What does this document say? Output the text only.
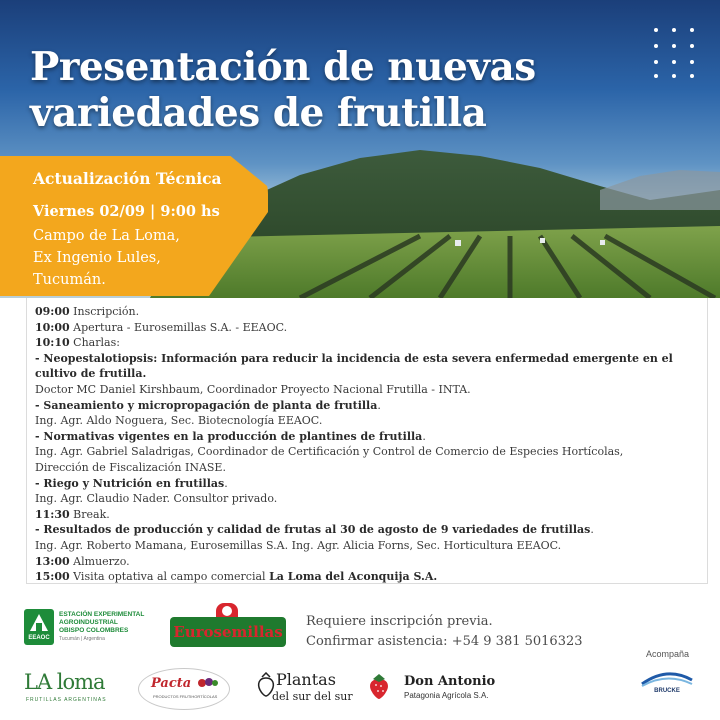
Presentación de nuevas
variedades de frutilla
Actualización Técnica
Viernes 02/09 | 9:00 hs
Campo de La Loma,
Ex Ingenio Lules,
Tucumán.
09:00 Inscripción.
10:00 Apertura - Eurosemillas S.A. - EEAOC.
10:10 Charlas:
- Neopestalotiopsis: Información para reducir la incidencia de esta severa enfermedad emergente en el cultivo de frutilla.
Doctor MC Daniel Kirshbaum, Coordinador Proyecto Nacional Frutilla - INTA.
- Saneamiento y micropropagación de planta de frutilla.
Ing. Agr. Aldo Noguera, Sec. Biotecnología EEAOC.
- Normativas vigentes en la producción de plantines de frutilla.
Ing. Agr. Gabriel Saladrigas, Coordinador de Certificación y Control de Comercio de Especies Hortícolas,
Dirección de Fiscalización INASE.
- Riego y Nutrición en frutillas.
Ing. Agr. Claudio Nader. Consultor privado.
11:30 Break.
- Resultados de producción y calidad de frutas al 30 de agosto de 9 variedades de frutillas.
Ing. Agr. Roberto Mamana, Eurosemillas S.A. Ing. Agr. Alicia Forns, Sec. Horticultura EEAOC.
13:00 Almuerzo.
15:00 Visita optativa al campo comercial La Loma del Aconquija S.A.
EEAOC
ESTACIÓN EXPERIMENTAL
AGROINDUSTRIAL
OBISPO COLOMBRES
Tucumán | Argentina	Eurosemillas
Requiere inscripción previa.
Confirmar asistencia: +54 9 381 5016323
Acompaña
LA loma
FRUTILLAS ARGENTINAS
Pacta
PRODUCTOS FRUTIHORTÍCOLAS
Plantas
del sur del sur
Don Antonio
Patagonia Agrícola S.A.	BRUCKE
